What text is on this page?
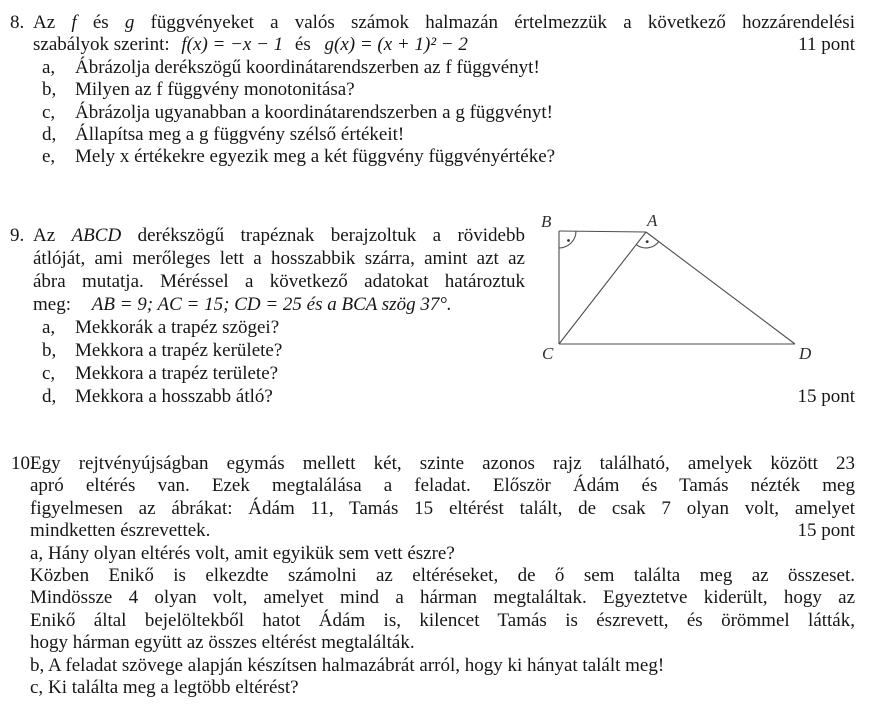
8. Az f és g függvényeket a valós számok halmazán értelmezzük a következő hozzárendelési
szabályok szerint: f(x) = −x − 1 és g(x) = (x + 1)² − 2
a,	Ábrázolja derékszögű koordinátarendszerben az f függvényt!
b, Milyen az f függvény monotonitása?
c,	Ábrázolja ugyanabban a koordinátarendszerben a g függvényt!
d, Állapítsa meg a g függvény szélső értékeit!
e,	Mely x értékekre egyezik meg a két függvény függvényértéke?
11 pont
9. Az ABCD derékszögű trapéznak berajzoltuk a rövidebb
átlóját, ami merőleges lett a hosszabbik szárra, amint azt az
ábra mutatja. Méréssel a következő adatokat határoztuk
meg: AB = 9; AC = 15; CD = 25 és a BCA szög 37°.
a,	Mekkorák a trapéz szögei?
b, Mekkora a trapéz kerülete?
c,	Mekkora a trapéz területe?
d, Mekkora a hosszabb átló?	15 pont
B	A
C	D
10.
Egy rejtvényújságban egymás mellett két, szinte azonos rajz található, amelyek között 23
apró eltérés van. Ezek megtalálása a feladat. Először Ádám és Tamás nézték meg
figyelmesen az ábrákat: Ádám 11, Tamás 15 eltérést talált, de csak 7 olyan volt, amelyet
mindketten észrevettek.
a, Hány olyan eltérés volt, amit egyikük sem vett észre?
Közben Enikő is elkezdte számolni az eltéréseket, de ő sem találta meg az összeset.
Mindössze 4 olyan volt, amelyet mind a hárman megtaláltak. Egyeztetve kiderült, hogy az
Enikő által bejelöltekből hatot Ádám is, kilencet Tamás is észrevett, és örömmel látták,
hogy hárman együtt az összes eltérést megtalálták.
b, A feladat szövege alapján készítsen halmazábrát arról, hogy ki hányat talált meg!
c, Ki találta meg a legtöbb eltérést?
15 pont
